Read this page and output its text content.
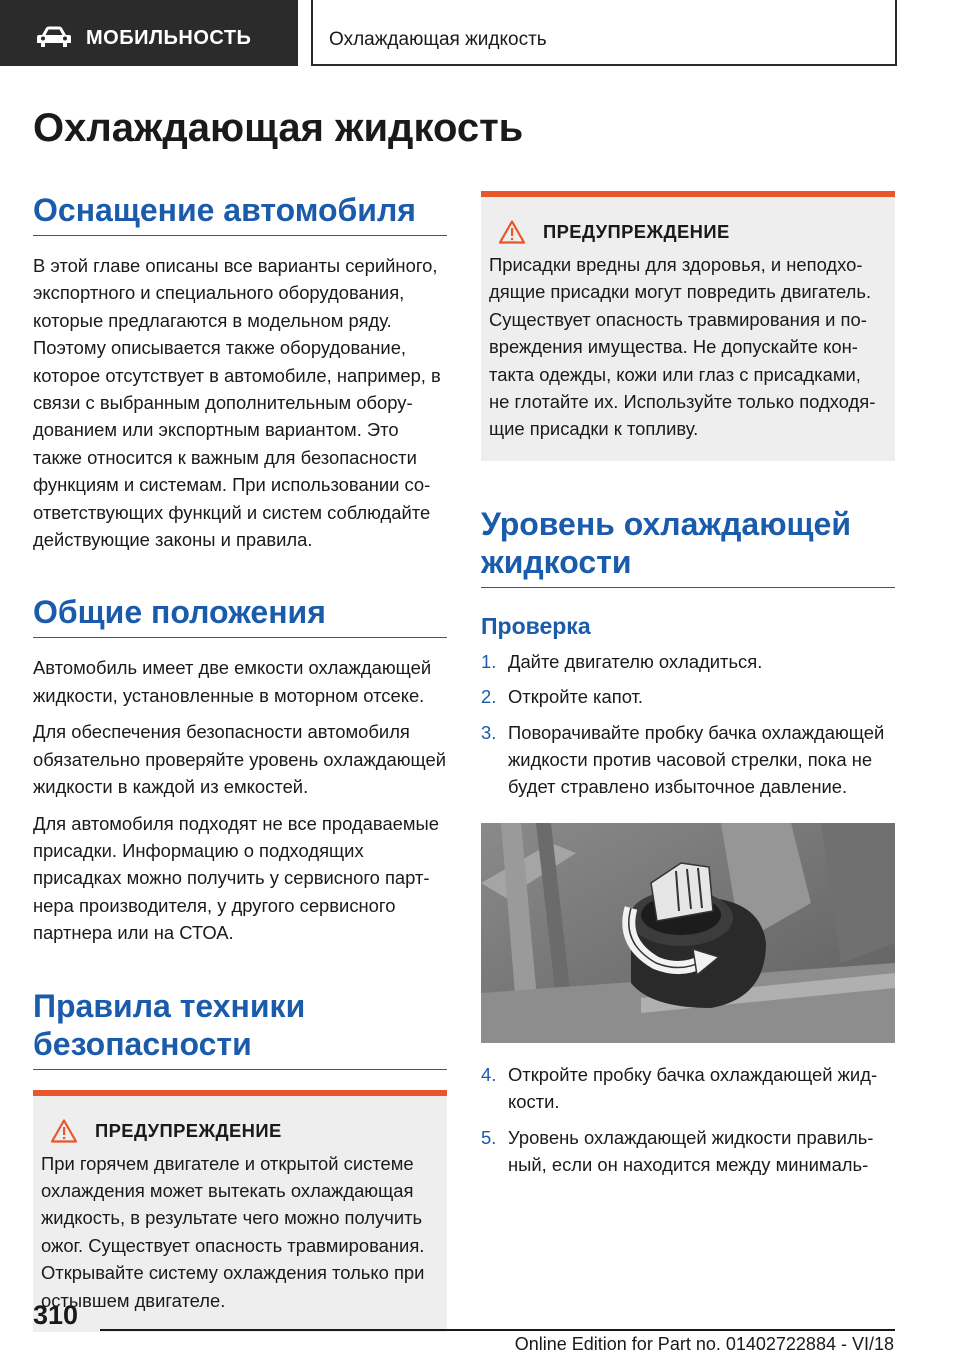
МОБИЛЬНОСТЬ	Охлаждающая жидкость
Охлаждающая жидкость
Оснащение автомобиля

В этой главе описаны все варианты серийного, экспортного и специального оборудования, которые предлагаются в модельном ряду. Поэтому описывается также оборудование, которое отсутствует в автомобиле, например, в связи с выбранным дополнительным оборудованием или экспортным вариантом. Это также относится к важным для безопасности функциям и системам. При использовании соответствующих функций и систем соблюдайте действующие законы и правила.

Общие положения

Автомобиль имеет две емкости охлаждающей жидкости, установленные в моторном отсеке.

Для обеспечения безопасности автомобиля обязательно проверяйте уровень охлаждающей жидкости в каждой из емкостей.

Для автомобиля подходят не все продаваемые присадки. Информацию о подходящих присадках можно получить у сервисного партнера производителя, у другого сервисного партнера или на СТОА.

Правила техники безопасности
ПРЕДУПРЕЖДЕНИЕ

При горячем двигателе и открытой системе охлаждения может вытекать охлаждающая жидкость, в результате чего можно получить ожог. Существует опасность травмирования. Открывайте систему охлаждения только при остывшем двигателе.

ПРЕДУПРЕЖДЕНИЕ

Присадки вредны для здоровья, и неподходящие присадки могут повредить двигатель. Существует опасность травмирования и повреждения имущества. Не допускайте контакта одежды, кожи или глаз с присадками, не глотайте их. Используйте только подходящие присадки к топливу.

Уровень охлаждающей жидкости
Проверка
1. Дайте двигателю охладиться.
2. Откройте капот.
3. Поворачивайте пробку бачка охлаждающей жидкости против часовой стрелки, пока не будет стравлено избыточное давление.
4. Откройте пробку бачка охлаждающей жидкости.
5. Уровень охлаждающей жидкости правильный, если он находится между минималь-
310
Online Edition for Part no. 01402722884 - VI/18
